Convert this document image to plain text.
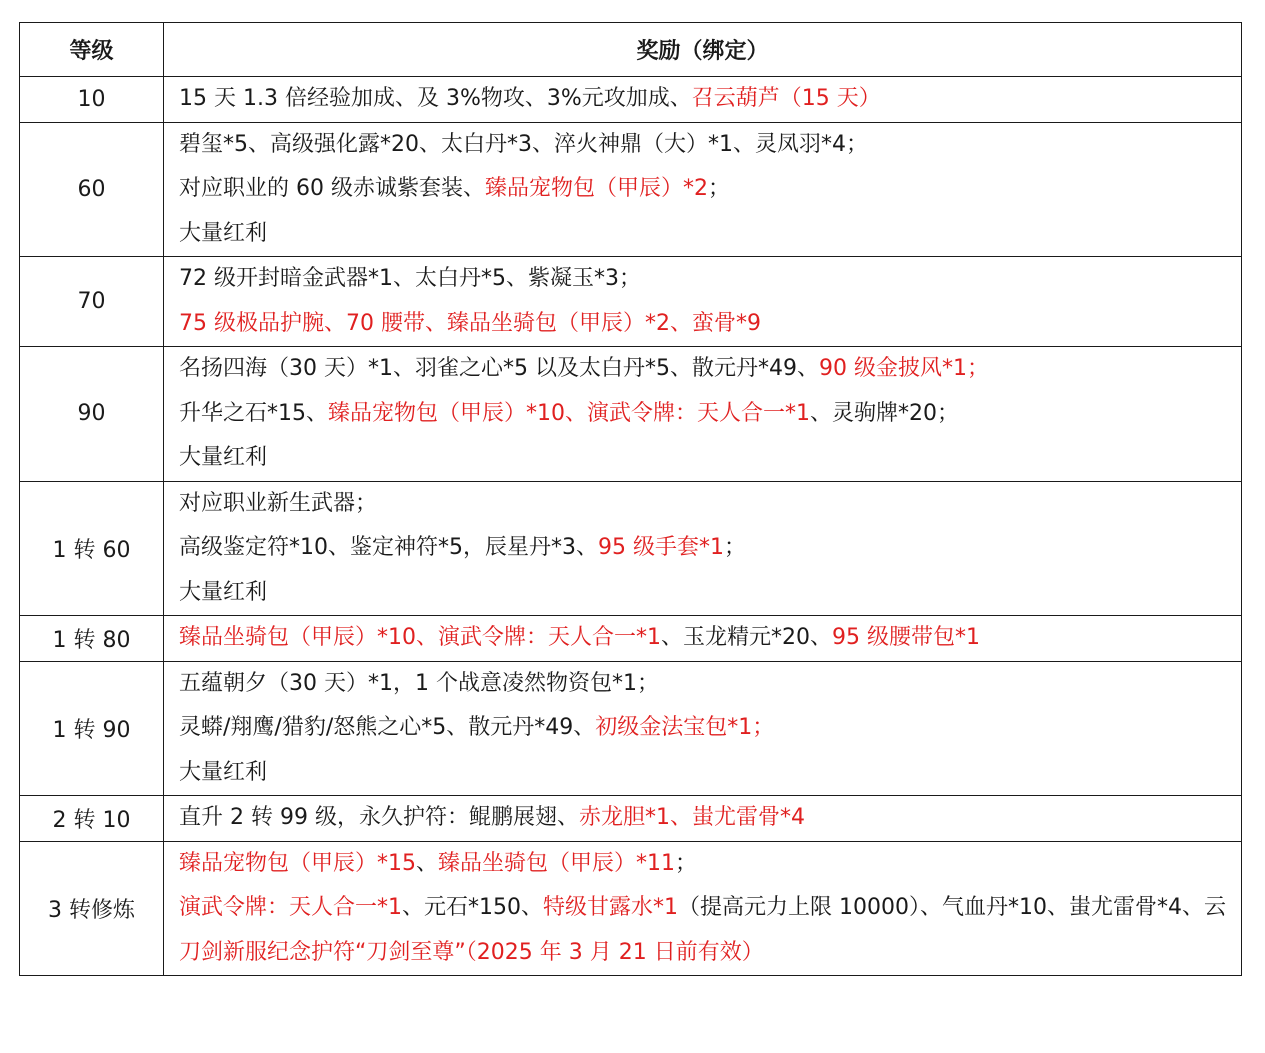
等级	奖励（绑定）
10	15 天 1.3 倍经验加成、及 3%物攻、3%元攻加成、召云葫芦（15 天）

60	碧玺*5、高级强化露*20、太白丹*3、淬火神鼎（大）*1、灵凤羽*4；
对应职业的 60 级赤诚紫套装、臻品宠物包（甲辰）*2；
大量红利

70	72 级开封暗金武器*1、太白丹*5、紫凝玉*3；
75 级极品护腕、70 腰带、臻品坐骑包（甲辰）*2、蛮骨*9

90	名扬四海（30 天）*1、羽雀之心*5 以及太白丹*5、散元丹*49、90 级金披风*1；
升华之石*15、臻品宠物包（甲辰）*10、演武令牌：天人合一*1、灵驹牌*20；
大量红利

1 转 60	对应职业新生武器；
高级鉴定符*10、鉴定神符*5，辰星丹*3、95 级手套*1；
大量红利

1 转 80	臻品坐骑包（甲辰）*10、演武令牌：天人合一*1、玉龙精元*20、95 级腰带包*1

1 转 90	五蕴朝夕（30 天）*1，1 个战意凌然物资包*1；
灵蟒/翔鹰/猎豹/怒熊之心*5、散元丹*49、初级金法宝包*1；
大量红利

2 转 10	直升 2 转 99 级，永久护符：鲲鹏展翅、赤龙胆*1、蚩尤雷骨*4

3 转修炼	臻品宠物包（甲辰）*15、臻品坐骑包（甲辰）*11；
演武令牌：天人合一*1、元石*150、特级甘露水*1（提高元力上限 10000）、气血丹*10、蚩尤雷骨*4、云
刀剑新服纪念护符“刀剑至尊”（2025 年 3 月 21 日前有效）
